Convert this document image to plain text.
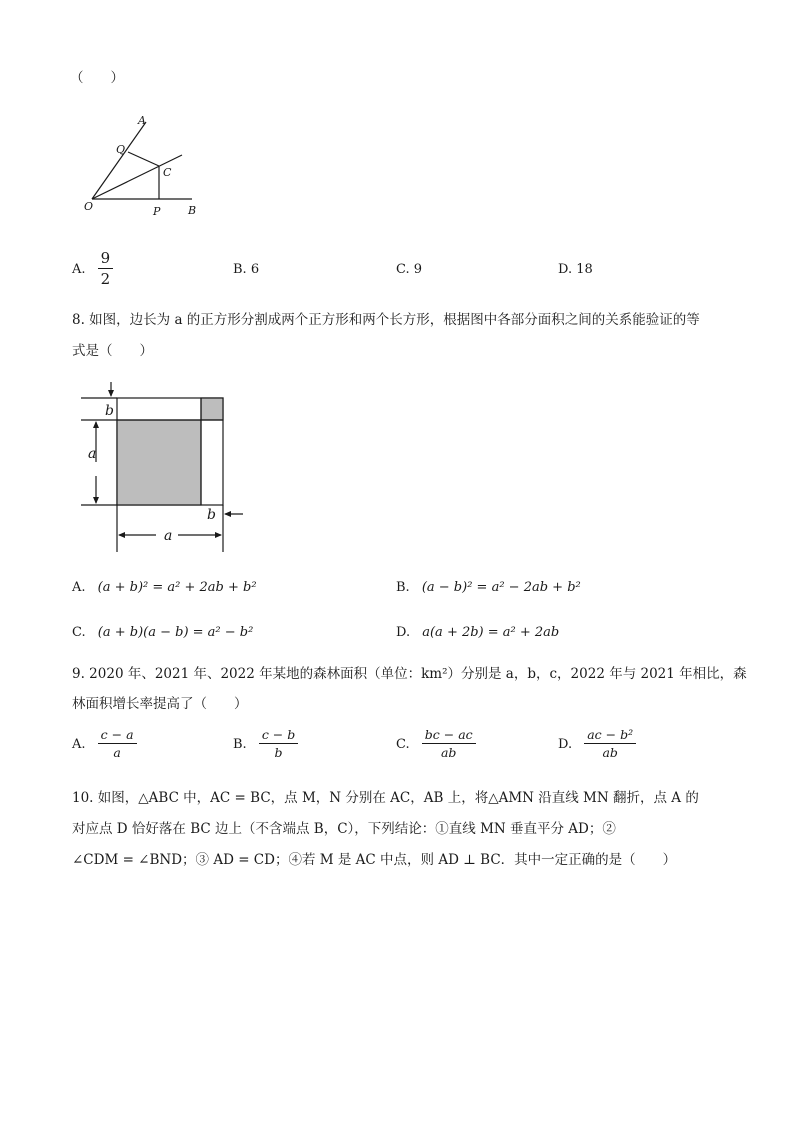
（　　）
A
Q
C
O	P	B
A. $\frac{9}{2}$	B. 6	C. 9	D. 18
8. 如图，边长为 a 的正方形分割成两个正方形和两个长方形，根据图中各部分面积之间的关系能验证的等
式是（　　）
b
a
b
a
A. (a + b)² = a² + 2ab + b²	B. (a − b)² = a² − 2ab + b²
C. (a + b)(a − b) = a² − b²	D. a(a + 2b) = a² + 2ab
9. 2020 年、2021 年、2022 年某地的森林面积（单位：km²）分别是 a，b，c，2022 年与 2021 年相比，森
林面积增长率提高了（　　）
A. $\frac{c - a}{a}$	B. $\frac{c - b}{b}$	C. $\frac{bc - ac}{ab}$	D. $\frac{\text{ac − b²}}{ab}$
10. 如图，△ABC 中，AC = BC，点 M，N 分别在 AC，AB 上，将△AMN 沿直线 MN 翻折，点 A 的
对应点 D 恰好落在 BC 边上（不含端点 B，C），下列结论：①直线 MN 垂直平分 AD；②
∠CDM = ∠BND；③ AD = CD；④若 M 是 AC 中点，则 AD ⊥ BC．其中一定正确的是（　　）
